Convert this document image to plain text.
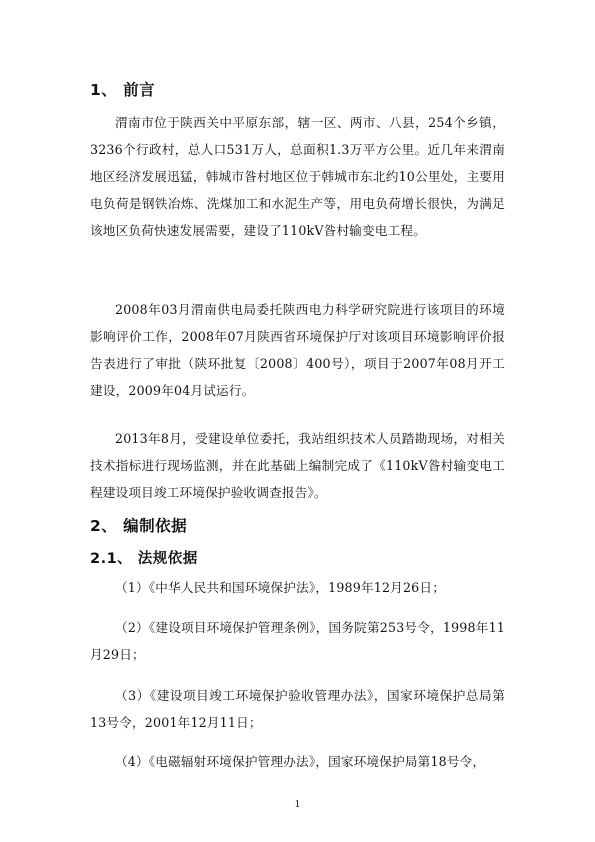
1、 前言
渭南市位于陕西关中平原东部，辖一区、两市、八县，254个乡镇，3236个行政村，总人口531万人，总面积1.3万平方公里。近几年来渭南地区经济发展迅猛，韩城市昝村地区位于韩城市东北约10公里处，主要用电负荷是钢铁冶炼、洗煤加工和水泥生产等，用电负荷增长很快，为满足该地区负荷快速发展需要，建设了110kV昝村输变电工程。
2008年03月渭南供电局委托陕西电力科学研究院进行该项目的环境影响评价工作，2008年07月陕西省环境保护厅对该项目环境影响评价报告表进行了审批（陕环批复〔2008〕400号），项目于2007年08月开工建设，2009年04月试运行。
2013年8月，受建设单位委托，我站组织技术人员踏勘现场，对相关技术指标进行现场监测，并在此基础上编制完成了《110kV昝村输变电工程建设项目竣工环境保护验收调查报告》。
2、 编制依据
2.1、 法规依据
（1）《中华人民共和国环境保护法》，1989年12月26日；
（2）《建设项目环境保护管理条例》，国务院第253号令，1998年11月29日；
（3）《建设项目竣工环境保护验收管理办法》，国家环境保护总局第13号令，2001年12月11日；
（4）《电磁辐射环境保护管理办法》，国家环境保护局第18号令，
1
